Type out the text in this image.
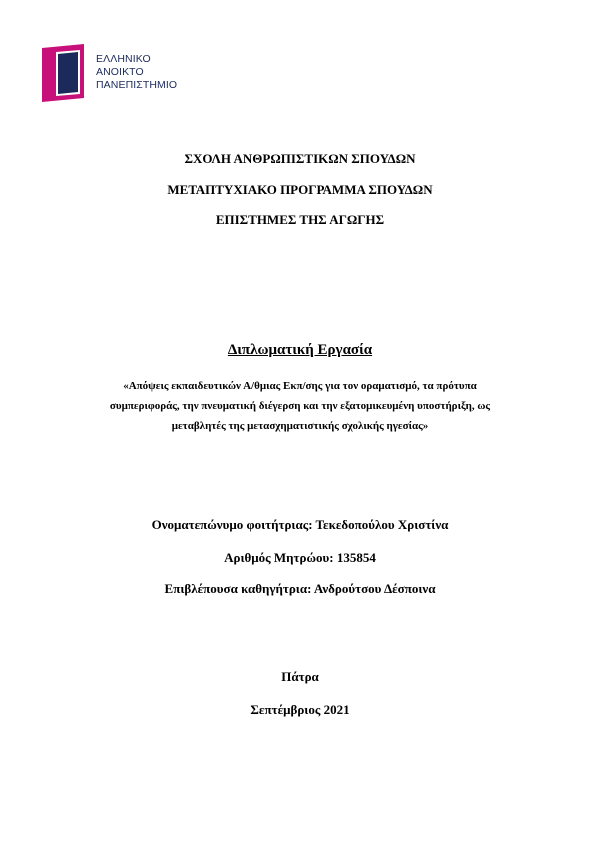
ΕΛΛΗΝΙΚΟ
ΑΝΟΙΚΤΟ
ΠΑΝΕΠΙΣΤΗΜΙΟ
ΣΧΟΛΗ ΑΝΘΡΩΠΙΣΤΙΚΩΝ ΣΠΟΥΔΩΝ
ΜΕΤΑΠΤΥΧΙΑΚΟ ΠΡΟΓΡΑΜΜΑ ΣΠΟΥΔΩΝ
ΕΠΙΣΤΗΜΕΣ ΤΗΣ ΑΓΩΓΗΣ
Διπλωματική Εργασία
«Απόψεις εκπαιδευτικών Α/θμιας Εκπ/σης για τον οραματισμό, τα πρότυπα συμπεριφοράς, την πνευματική διέγερση και την εξατομικευμένη υποστήριξη, ως μεταβλητές της μετασχηματιστικής σχολικής ηγεσίας»
Ονοματεπώνυμο φοιτήτριας: Τεκεδοπούλου Χριστίνα
Αριθμός Μητρώου: 135854
Επιβλέπουσα καθηγήτρια: Ανδρούτσου Δέσποινα
Πάτρα
Σεπτέμβριος 2021
